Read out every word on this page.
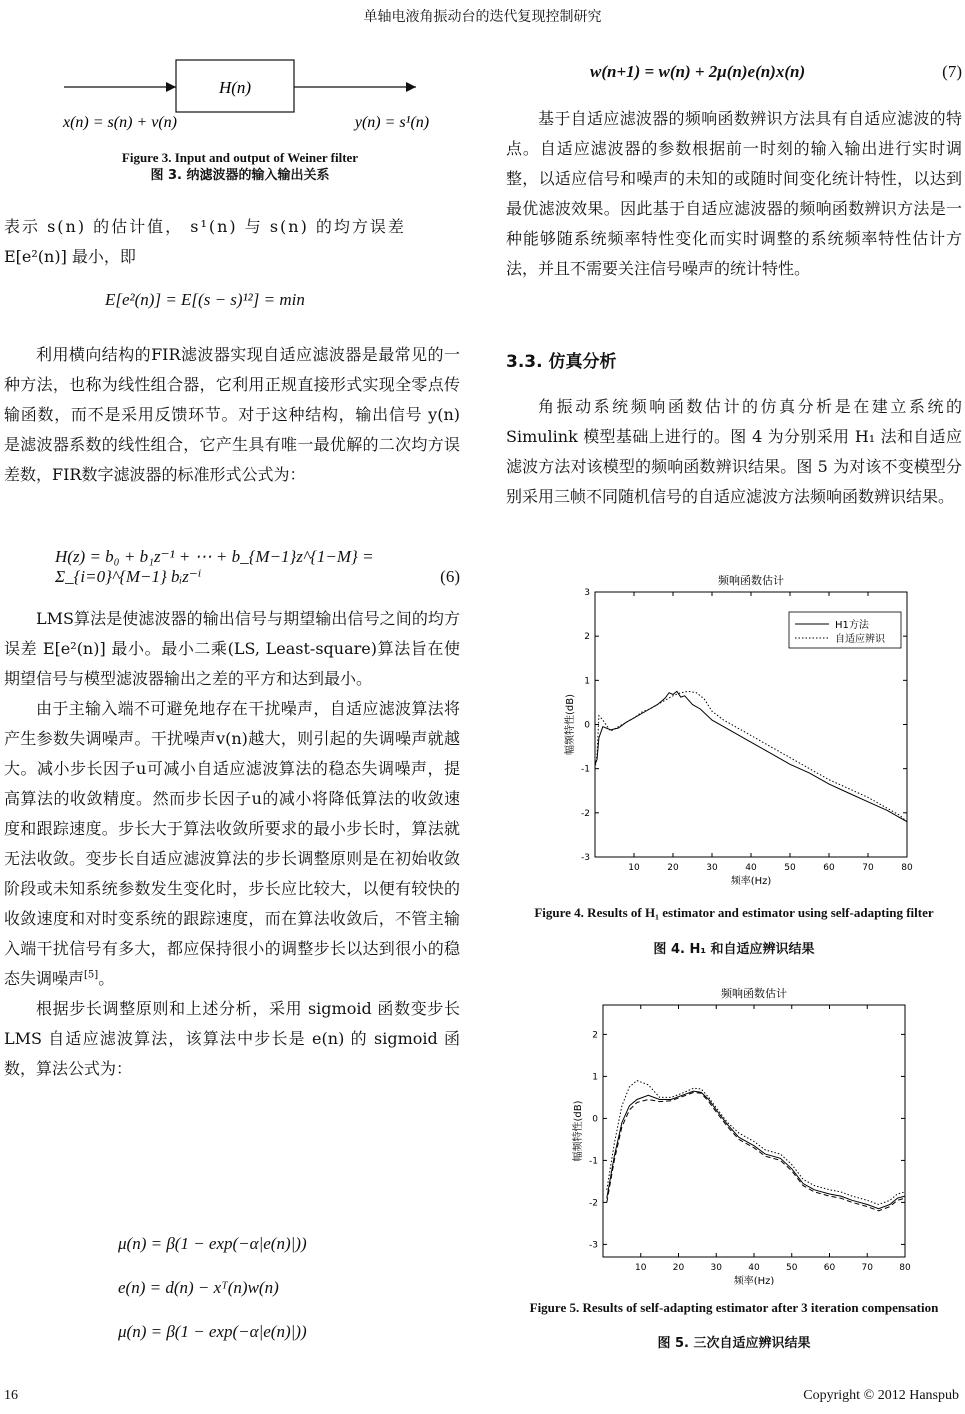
单轴电液角振动台的迭代复现控制研究
H(n)
x(n) = s(n) + v(n)	y(n) = s¹(n)
Figure 3. Input and output of Weiner filter
图 3. 纳滤波器的输入输出关系

表示 s(n) 的估计值， s¹(n) 与 s(n) 的均方误差

E[e²(n)] 最小，即

E[e²(n)] = E[(s − s)¹²] = min

利用横向结构的FIR滤波器实现自适应滤波器是最常见的一种方法，也称为线性组合器，它利用正规直接形式实现全零点传输函数，而不是采用反馈环节。对于这种结构，输出信号 y(n) 是滤波器系数的线性组合，它产生具有唯一最优解的二次均方误差数，FIR数字滤波器的标准形式公式为：

H(z) = b₀ + b₁z⁻¹ + ⋯ + b_{M−1}z^{1−M} = Σ_{i=0}^{M−1} bᵢz⁻ⁱ	(6)

LMS算法是使滤波器的输出信号与期望输出信号之间的均方误差 E[e²(n)] 最小。最小二乘(LS, Least-square)算法旨在使期望信号与模型滤波器输出之差的平方和达到最小。

由于主输入端不可避免地存在干扰噪声，自适应滤波算法将产生参数失调噪声。干扰噪声v(n)越大，则引起的失调噪声就越大。减小步长因子u可减小自适应滤波算法的稳态失调噪声，提高算法的收敛精度。然而步长因子u的减小将降低算法的收敛速度和跟踪速度。步长大于算法收敛所要求的最小步长时，算法就无法收敛。变步长自适应滤波算法的步长调整原则是在初始收敛阶段或未知系统参数发生变化时，步长应比较大，以便有较快的收敛速度和对时变系统的跟踪速度，而在算法收敛后，不管主输入端干扰信号有多大，都应保持很小的调整步长以达到很小的稳态失调噪声[5]。

根据步长调整原则和上述分析，采用 sigmoid 函数变步长 LMS 自适应滤波算法，该算法中步长是 e(n) 的 sigmoid 函数，算法公式为：

μ(n) = β(1 − exp(−α|e(n)|))
e(n) = d(n) − xᵀ(n)w(n)
μ(n) = β(1 − exp(−α|e(n)|))
w(n+1) = w(n) + 2μ(n)e(n)x(n)	(7)

基于自适应滤波器的频响函数辨识方法具有自适应滤波的特点。自适应滤波器的参数根据前一时刻的输入输出进行实时调整，以适应信号和噪声的未知的或随时间变化统计特性，以达到最优滤波效果。因此基于自适应滤波器的频响函数辨识方法是一种能够随系统频率特性变化而实时调整的系统频率特性估计方法，并且不需要关注信号噪声的统计特性。

3.3. 仿真分析

角振动系统频响函数估计的仿真分析是在建立系统的 Simulink 模型基础上进行的。图 4 为分别采用 H₁ 法和自适应滤波方法对该模型的频响函数辨识结果。图 5 为对该不变模型分别采用三帧不同随机信号的自适应滤波方法频响函数辨识结果。

频响函数估计
10	20	30	40	50	60	70	80
-3
-2
-1
0
1
2
3
频率(Hz)
幅频特性(dB)
H1方法
自适应辨识
Figure 4. Results of H₁ estimator and estimator using self-adapting filter
图 4. H₁ 和自适应辨识结果
频响函数估计
10	20	30	40	50	60	70	80
-3
-2
-1
0
1
2
频率(Hz)
幅频特性(dB)
Figure 5. Results of self-adapting estimator after 3 iteration compensation
图 5. 三次自适应辨识结果
16	Copyright © 2012 Hanspub
